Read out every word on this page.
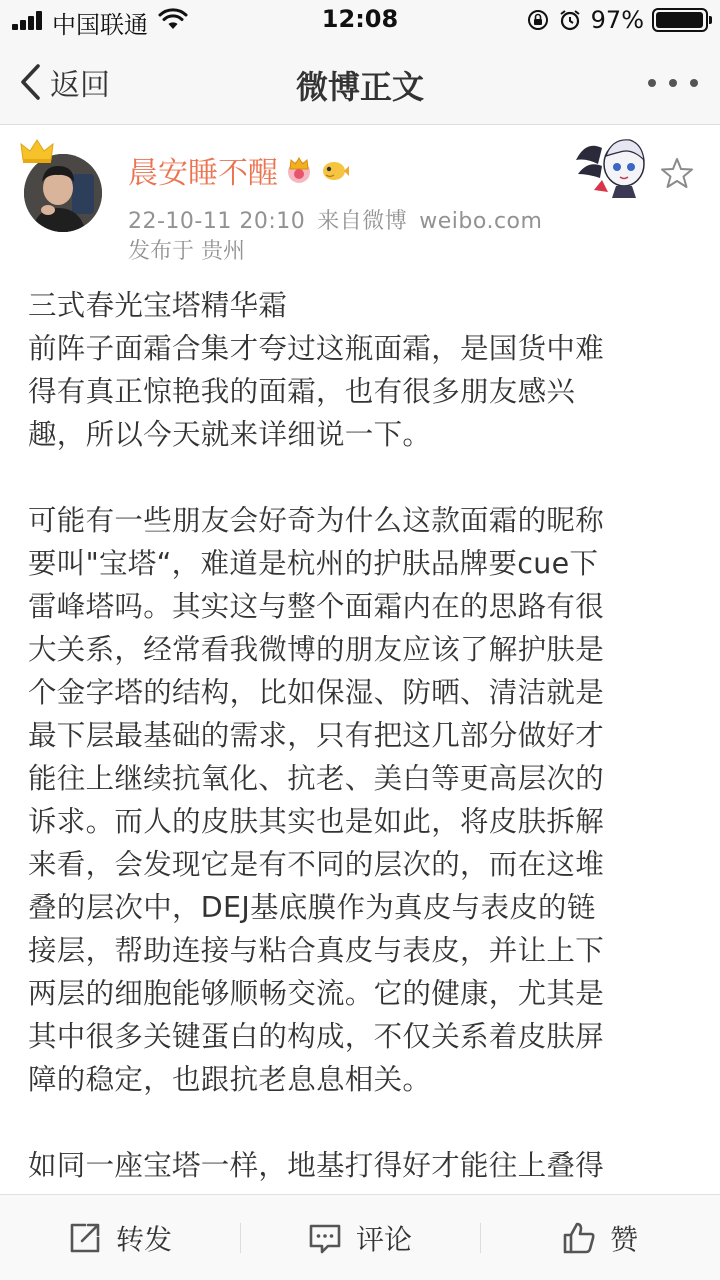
中国联通	12:08	97%
返回	微博正文
晨安睡不醒
22-10-11 20:10 来自微博 weibo.com
发布于 贵州

三式春光宝塔精华霜

前阵子面霜合集才夸过这瓶面霜，是国货中难

得有真正惊艳我的面霜，也有很多朋友感兴

趣，所以今天就来详细说一下。

可能有一些朋友会好奇为什么这款面霜的昵称

要叫"宝塔“，难道是杭州的护肤品牌要cue下

雷峰塔吗。其实这与整个面霜内在的思路有很

大关系，经常看我微博的朋友应该了解护肤是

个金字塔的结构，比如保湿、防晒、清洁就是

最下层最基础的需求，只有把这几部分做好才

能往上继续抗氧化、抗老、美白等更高层次的

诉求。而人的皮肤其实也是如此，将皮肤拆解

来看，会发现它是有不同的层次的，而在这堆

叠的层次中，DEJ基底膜作为真皮与表皮的链

接层，帮助连接与粘合真皮与表皮，并让上下

两层的细胞能够顺畅交流。它的健康，尤其是

其中很多关键蛋白的构成，不仅关系着皮肤屏

障的稳定，也跟抗老息息相关。

如同一座宝塔一样，地基打得好才能往上叠得

转发	评论	赞
